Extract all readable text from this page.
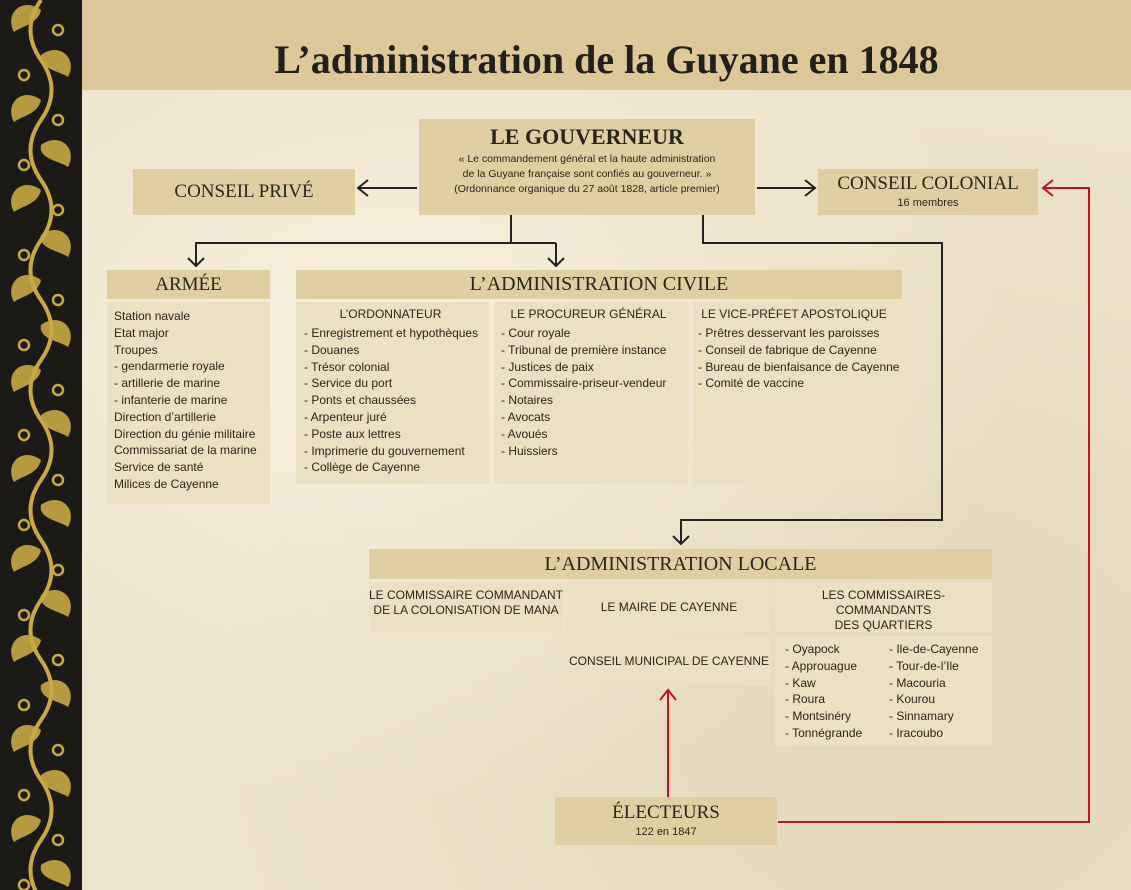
L’administration de la Guyane en 1848
LE GOUVERNEUR
« Le commandement général et la haute administration
de la Guyane française sont confiés au gouverneur. »
(Ordonnance organique du 27 août 1828, article premier)
CONSEIL PRIVÉ	CONSEIL COLONIAL
16 membres
ARMÉE
Station navale
Etat major
Troupes
- gendarmerie royale
- artillerie de marine
- infanterie de marine
Direction d’artillerie
Direction du génie militaire
Commissariat de la marine
Service de santé
Milices de Cayenne
L’ADMINISTRATION CIVILE
L’ORDONNATEUR
- Enregistrement et hypothèques
- Douanes
- Trésor colonial
- Service du port
- Ponts et chaussées
- Arpenteur juré
- Poste aux lettres
- Imprimerie du gouvernement
- Collège de Cayenne
LE PROCUREUR GÉNÉRAL
- Cour royale
- Tribunal de première instance
- Justices de paix
- Commissaire-priseur-vendeur
- Notaires
- Avocats
- Avoués
- Huissiers
LE VICE-PRÉFET APOSTOLIQUE
- Prêtres desservant les paroisses
- Conseil de fabrique de Cayenne
- Bureau de bienfaisance de Cayenne
- Comité de vaccine
L’ADMINISTRATION LOCALE
LE COMMISSAIRE COMMANDANT
DE LA COLONISATION DE MANA	LE MAIRE DE CAYENNE
CONSEIL MUNICIPAL DE CAYENNE
LES COMMISSAIRES-COMMANDANTS
DES QUARTIERS
- Oyapock
- Approuague
- Kaw
- Roura
- Montsinéry
- Tonnégrande
- Ile-de-Cayenne
- Tour-de-l’Ile
- Macouria
- Kourou
- Sinnamary
- Iracoubo
ÉLECTEURS
122 en 1847
